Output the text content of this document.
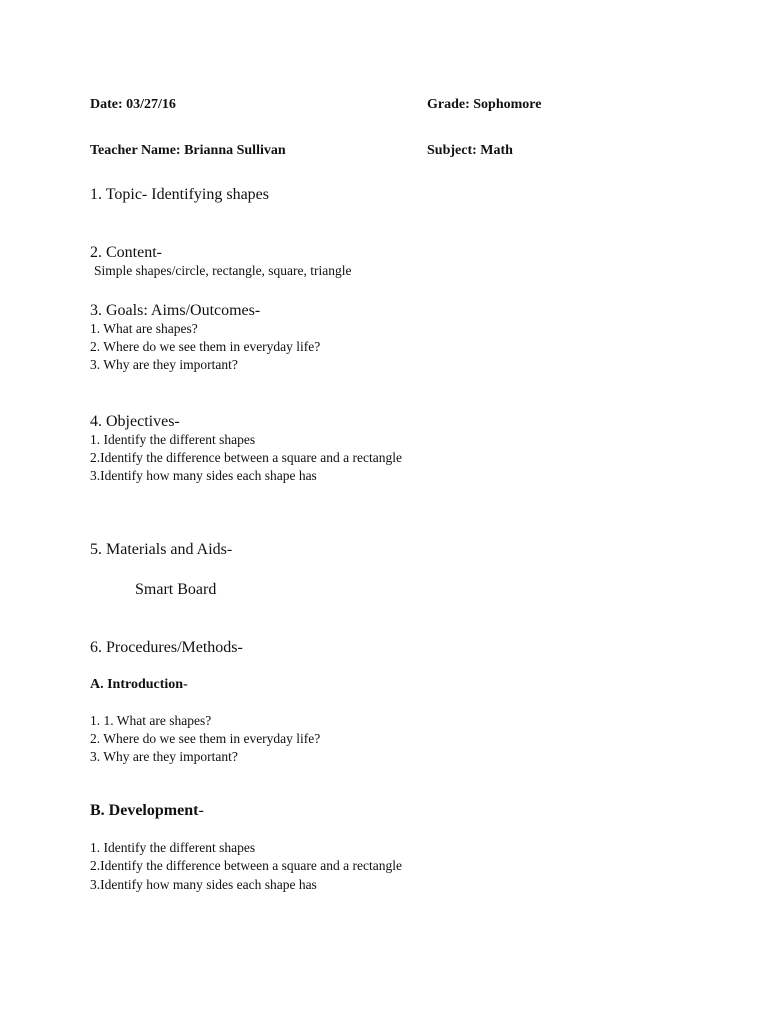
Date: 03/27/16	Grade: Sophomore
Teacher Name: Brianna Sullivan	Subject: Math
1. Topic- Identifying shapes
2. Content-
Simple shapes/circle, rectangle, square, triangle
3. Goals: Aims/Outcomes-
1. What are shapes?
2. Where do we see them in everyday life?
3. Why are they important?
4. Objectives-
1. Identify the different shapes
2.Identify the difference between a square and a rectangle
3.Identify how many sides each shape has
5. Materials and Aids-
Smart Board
6. Procedures/Methods-
A. Introduction-
1. 1. What are shapes?
2. Where do we see them in everyday life?
3. Why are they important?
B. Development-
1. Identify the different shapes
2.Identify the difference between a square and a rectangle
3.Identify how many sides each shape has
